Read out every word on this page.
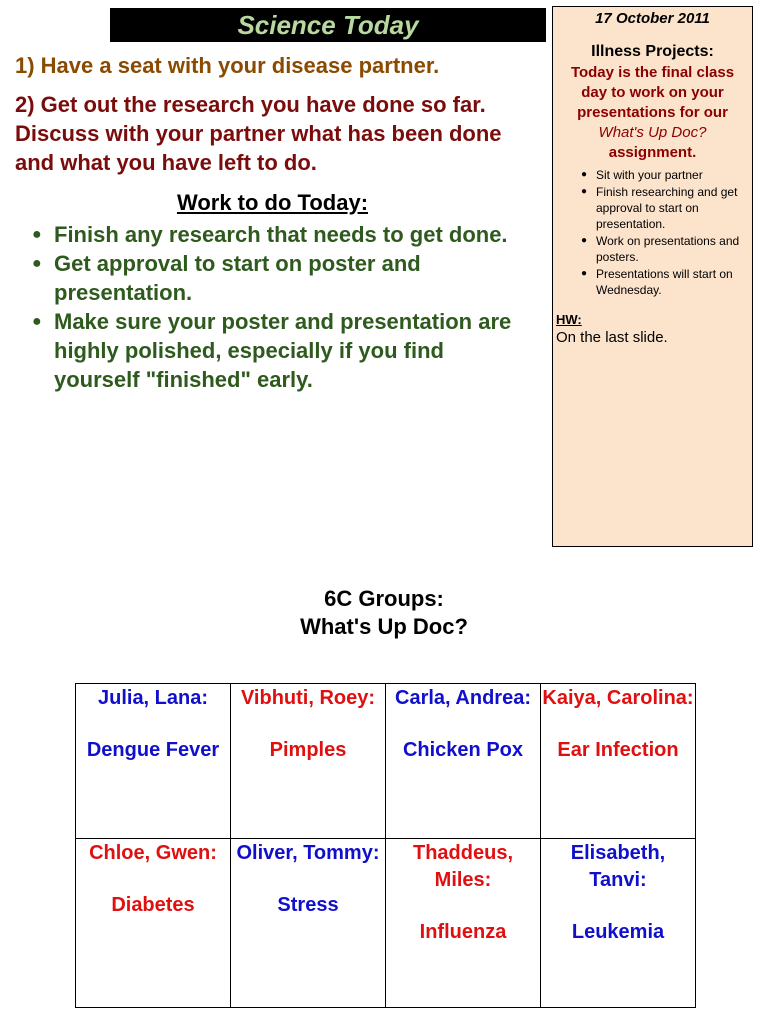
Science Today
1) Have a seat with your disease partner.
2) Get out the research you have done so far. Discuss with your partner what has been done and what you have left to do.
Work to do Today:
● Finish any research that needs to get done.
● Get approval to start on poster and presentation.
● Make sure your poster and presentation are highly polished, especially if you find yourself "finished" early.
17 October 2011
Illness Projects:
Today is the final class day to work on your presentations for our What's Up Doc? assignment.
● Sit with your partner
● Finish researching and get approval to start on presentation.
● Work on presentations and posters.
● Presentations will start on Wednesday.
HW:
On the last slide.
6C Groups:
What's Up Doc?
Julia, Lana:
Dengue Fever	Vibhuti, Roey:
Pimples	Carla, Andrea:
Chicken Pox	Kaiya, Carolina:
Ear Infection

Chloe, Gwen:
Diabetes	Oliver, Tommy:
Stress	Thaddeus, Miles:
Influenza	Elisabeth, Tanvi:
Leukemia
